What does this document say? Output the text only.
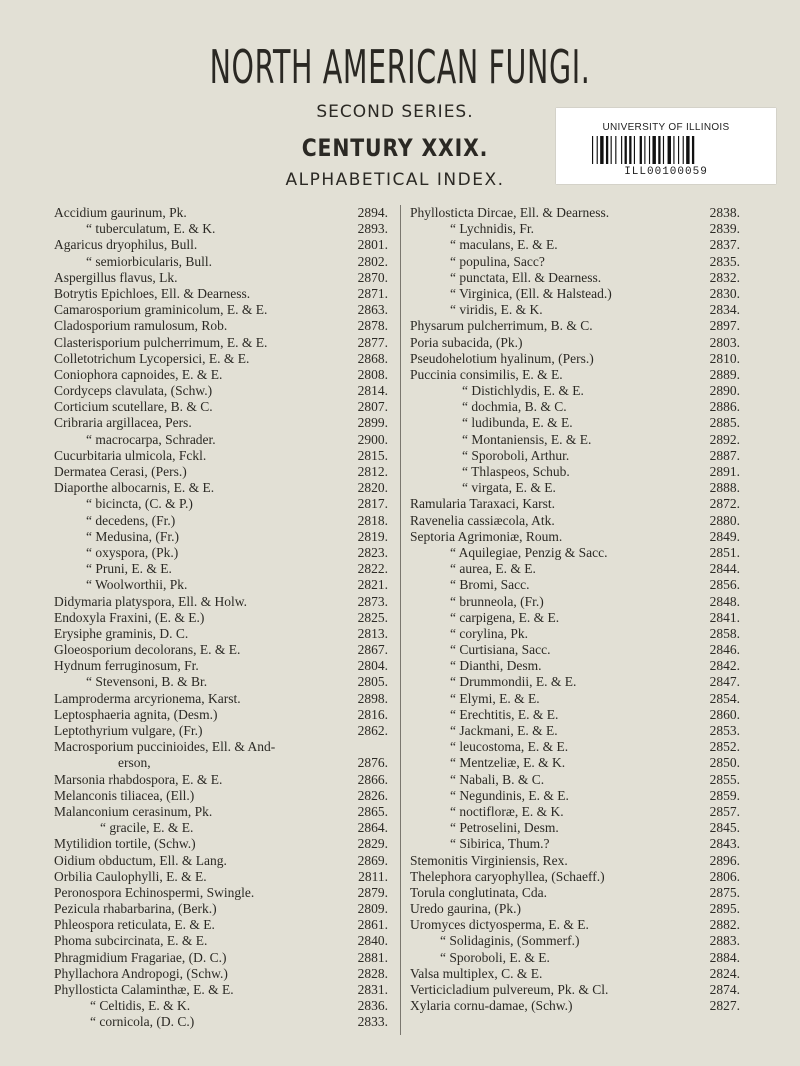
NORTH AMERICAN FUNGI.
SECOND SERIES.
CENTURY XXIX.
ALPHABETICAL INDEX.
UNIVERSITY OF ILLINOIS
ILL00100059
Accidium gaurinum, Pk.	2894.
“ tuberculatum, E. & K.	2893.
Agaricus dryophilus, Bull.	2801.
“ semiorbicularis, Bull.	2802.
Aspergillus flavus, Lk.	2870.
Botrytis Epichloes, Ell. & Dearness.	2871.
Camarosporium graminicolum, E. & E.	2863.
Cladosporium ramulosum, Rob.	2878.
Clasterisporium pulcherrimum, E. & E.	2877.
Colletotrichum Lycopersici, E. & E.	2868.
Coniophora capnoides, E. & E.	2808.
Cordyceps clavulata, (Schw.)	2814.
Corticium scutellare, B. & C.	2807.
Cribraria argillacea, Pers.	2899.
“ macrocarpa, Schrader.	2900.
Cucurbitaria ulmicola, Fckl.	2815.
Dermatea Cerasi, (Pers.)	2812.
Diaporthe albocarnis, E. & E.	2820.
“ bicincta, (C. & P.)	2817.
“ decedens, (Fr.)	2818.
“ Medusina, (Fr.)	2819.
“ oxyspora, (Pk.)	2823.
“ Pruni, E. & E.	2822.
“ Woolworthii, Pk.	2821.
Didymaria platyspora, Ell. & Holw.	2873.
Endoxyla Fraxini, (E. & E.)	2825.
Erysiphe graminis, D. C.	2813.
Gloeosporium decolorans, E. & E.	2867.
Hydnum ferruginosum, Fr.	2804.
“ Stevensoni, B. & Br.	2805.
Lamproderma arcyrionema, Karst.	2898.
Leptosphaeria agnita, (Desm.)	2816.
Leptothyrium vulgare, (Fr.)	2862.
Macrosporium puccinioides, Ell. & And-
erson,	2876.
Marsonia rhabdospora, E. & E.	2866.
Melanconis tiliacea, (Ell.)	2826.
Malanconium cerasinum, Pk.	2865.
“ gracile, E. & E.	2864.
Mytilidion tortile, (Schw.)	2829.
Oidium obductum, Ell. & Lang.	2869.
Orbilia Caulophylli, E. & E.	2811.
Peronospora Echinospermi, Swingle.	2879.
Pezicula rhabarbarina, (Berk.)	2809.
Phleospora reticulata, E. & E.	2861.
Phoma subcircinata, E. & E.	2840.
Phragmidium Fragariae, (D. C.)	2881.
Phyllachora Andropogi, (Schw.)	2828.
Phyllosticta Calaminthæ, E. & E.	2831.
“ Celtidis, E. & K.	2836.
“ cornicola, (D. C.)	2833.
Phyllosticta Dircae, Ell. & Dearness.	2838.
“ Lychnidis, Fr.	2839.
“ maculans, E. & E.	2837.
“ populina, Sacc?	2835.
“ punctata, Ell. & Dearness.	2832.
“ Virginica, (Ell. & Halstead.)	2830.
“ viridis, E. & K.	2834.
Physarum pulcherrimum, B. & C.	2897.
Poria subacida, (Pk.)	2803.
Pseudohelotium hyalinum, (Pers.)	2810.
Puccinia consimilis, E. & E.	2889.
“ Distichlydis, E. & E.	2890.
“ dochmia, B. & C.	2886.
“ ludibunda, E. & E.	2885.
“ Montaniensis, E. & E.	2892.
“ Sporoboli, Arthur.	2887.
“ Thlaspeos, Schub.	2891.
“ virgata, E. & E.	2888.
Ramularia Taraxaci, Karst.	2872.
Ravenelia cassiæcola, Atk.	2880.
Septoria Agrimoniæ, Roum.	2849.
“ Aquilegiae, Penzig & Sacc.	2851.
“ aurea, E. & E.	2844.
“ Bromi, Sacc.	2856.
“ brunneola, (Fr.)	2848.
“ carpigena, E. & E.	2841.
“ corylina, Pk.	2858.
“ Curtisiana, Sacc.	2846.
“ Dianthi, Desm.	2842.
“ Drummondii, E. & E.	2847.
“ Elymi, E. & E.	2854.
“ Erechtitis, E. & E.	2860.
“ Jackmani, E. & E.	2853.
“ leucostoma, E. & E.	2852.
“ Mentzeliæ, E. & K.	2850.
“ Nabali, B. & C.	2855.
“ Negundinis, E. & E.	2859.
“ noctifloræ, E. & K.	2857.
“ Petroselini, Desm.	2845.
“ Sibirica, Thum.?	2843.
Stemonitis Virginiensis, Rex.	2896.
Thelephora caryophyllea, (Schaeff.)	2806.
Torula conglutinata, Cda.	2875.
Uredo gaurina, (Pk.)	2895.
Uromyces dictyosperma, E. & E.	2882.
“ Solidaginis, (Sommerf.)	2883.
“ Sporoboli, E. & E.	2884.
Valsa multiplex, C. & E.	2824.
Verticicladium pulvereum, Pk. & Cl.	2874.
Xylaria cornu-damae, (Schw.)	2827.
